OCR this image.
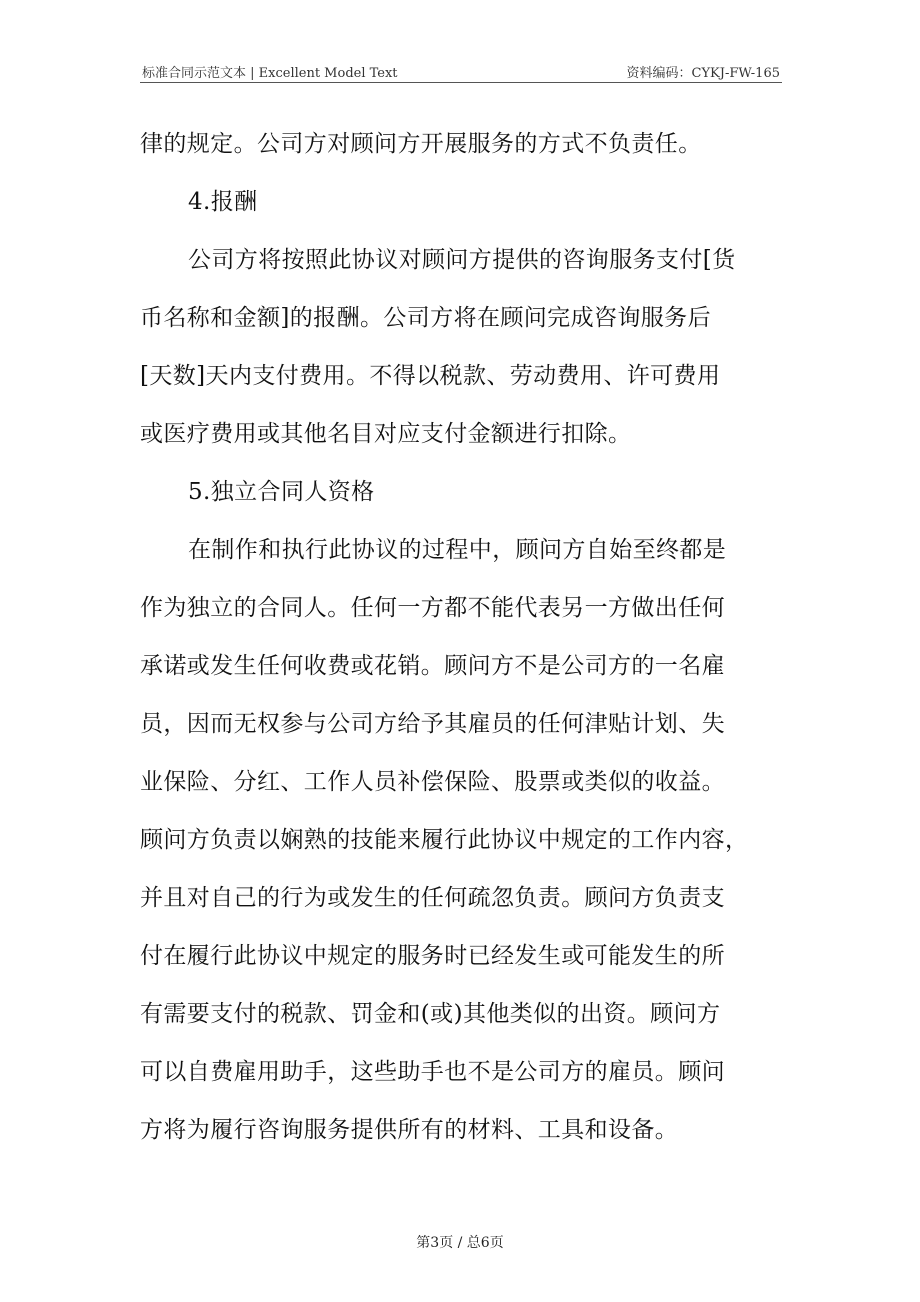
标准合同示范文本 | Excellent Model Text	资料编码：CYKJ-FW-165
律的规定。公司方对顾问方开展服务的方式不负责任。
4.报酬
公司方将按照此协议对顾问方提供的咨询服务支付[货
币名称和金额]的报酬。公司方将在顾问完成咨询服务后
[天数]天内支付费用。不得以税款、劳动费用、许可费用
或医疗费用或其他名目对应支付金额进行扣除。
5.独立合同人资格
在制作和执行此协议的过程中，顾问方自始至终都是
作为独立的合同人。任何一方都不能代表另一方做出任何
承诺或发生任何收费或花销。顾问方不是公司方的一名雇
员，因而无权参与公司方给予其雇员的任何津贴计划、失
业保险、分红、工作人员补偿保险、股票或类似的收益。
顾问方负责以娴熟的技能来履行此协议中规定的工作内容，
并且对自己的行为或发生的任何疏忽负责。顾问方负责支
付在履行此协议中规定的服务时已经发生或可能发生的所
有需要支付的税款、罚金和(或)其他类似的出资。顾问方
可以自费雇用助手，这些助手也不是公司方的雇员。顾问
方将为履行咨询服务提供所有的材料、工具和设备。
第3页 / 总6页
